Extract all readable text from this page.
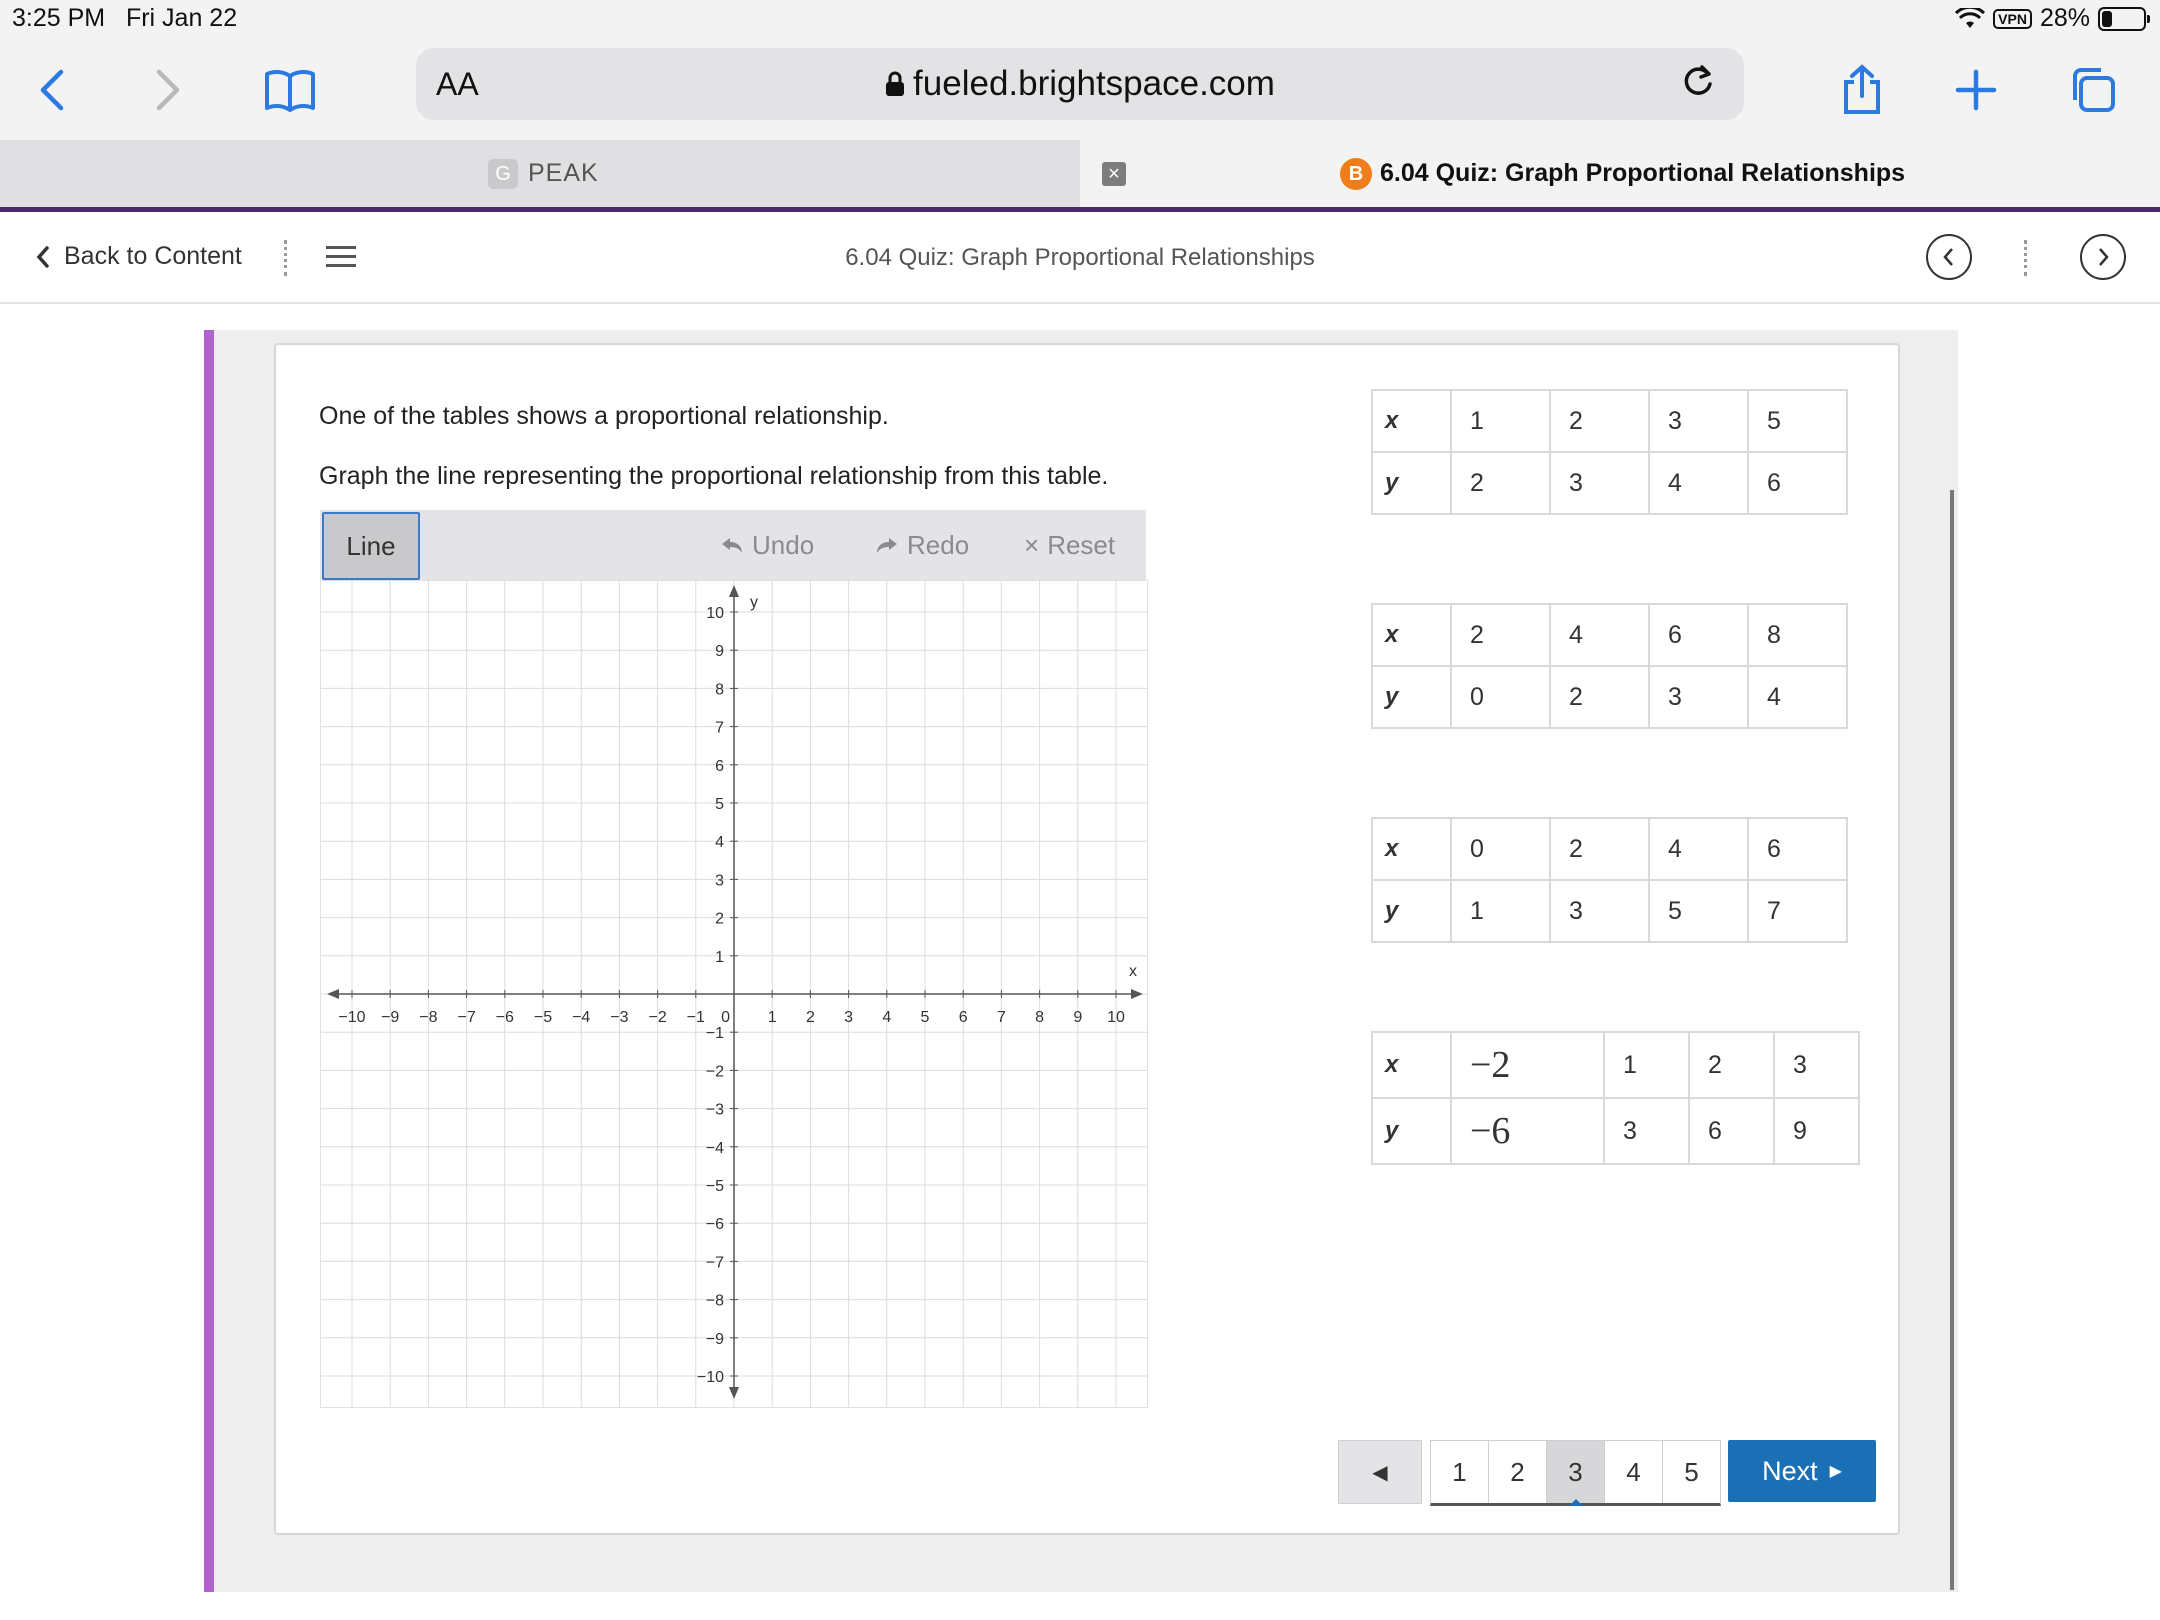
3:25 PM Fri Jan 22	VPN 28%
AA	fueled.brightspace.com
G PEAK	×	B 6.04 Quiz: Graph Proportional Relationships
Back to Content	6.04 Quiz: Graph Proportional Relationships
One of the tables shows a proportional relationship.
Graph the line representing the proportional relationship from this table.
Line	Undo	Redo × Reset
−10 −9 −8 −7 −6 −5 −4 −3 −2 −1	1 2 3 4 5 6 7 8 9 10
10
9
8
7
6
5
4
3
2
1
−1
−2
−3
−4
−5
−6
−7
−8
−9
−10
0
x
y
x	1	2	3	5
y	2	3	4	6
x	2	4	6	8
y	0	2	3	4
x	0	2	4	6
y	1	3	5	7
x	−2	1	2	3
y	−6	3	6	9
◀	1	2	3	4	5	Next ▶
